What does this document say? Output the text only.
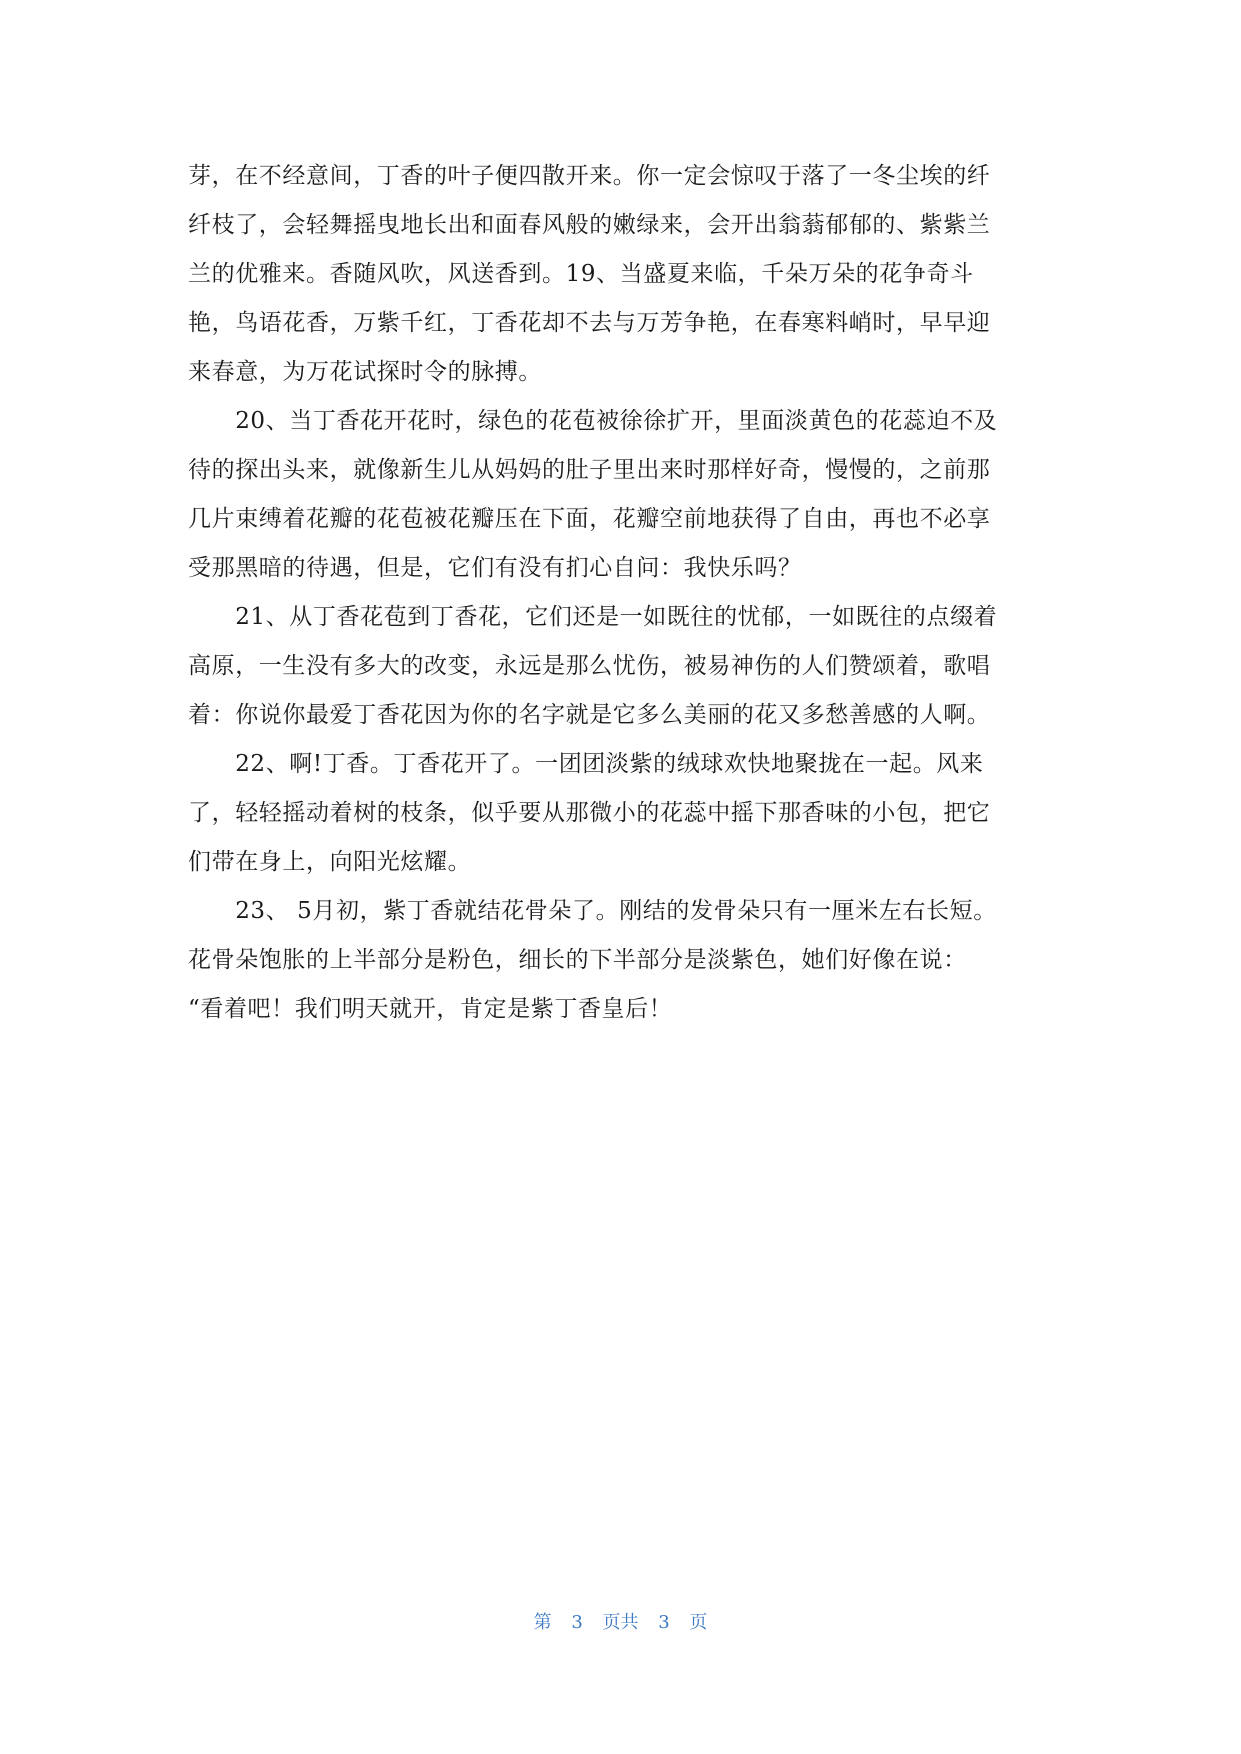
芽，在不经意间，丁香的叶子便四散开来。你一定会惊叹于落了一冬尘埃的纤
纤枝了，会轻舞摇曳地长出和面春风般的嫩绿来，会开出翁蓊郁郁的、紫紫兰
兰的优雅来。香随风吹，风送香到。19、当盛夏来临，千朵万朵的花争奇斗
艳，鸟语花香，万紫千红，丁香花却不去与万芳争艳，在春寒料峭时，早早迎
来春意，为万花试探时令的脉搏。
　　20、当丁香花开花时，绿色的花苞被徐徐扩开，里面淡黄色的花蕊迫不及
待的探出头来，就像新生儿从妈妈的肚子里出来时那样好奇，慢慢的，之前那
几片束缚着花瓣的花苞被花瓣压在下面，花瓣空前地获得了自由，再也不必享
受那黑暗的待遇，但是，它们有没有扪心自问：我快乐吗？
　　21、从丁香花苞到丁香花，它们还是一如既往的忧郁，一如既往的点缀着
高原，一生没有多大的改变，永远是那么忧伤，被易神伤的人们赞颂着，歌唱
着：你说你最爱丁香花因为你的名字就是它多么美丽的花又多愁善感的人啊。
　　22、啊!丁香。丁香花开了。一团团淡紫的绒球欢快地聚拢在一起。风来
了，轻轻摇动着树的枝条，似乎要从那微小的花蕊中摇下那香味的小包，把它
们带在身上，向阳光炫耀。
　　23、 5月初，紫丁香就结花骨朵了。刚结的发骨朵只有一厘米左右长短。
花骨朵饱胀的上半部分是粉色，细长的下半部分是淡紫色，她们好像在说：
“看着吧！我们明天就开，肯定是紫丁香皇后！
第 3 页共 3 页
